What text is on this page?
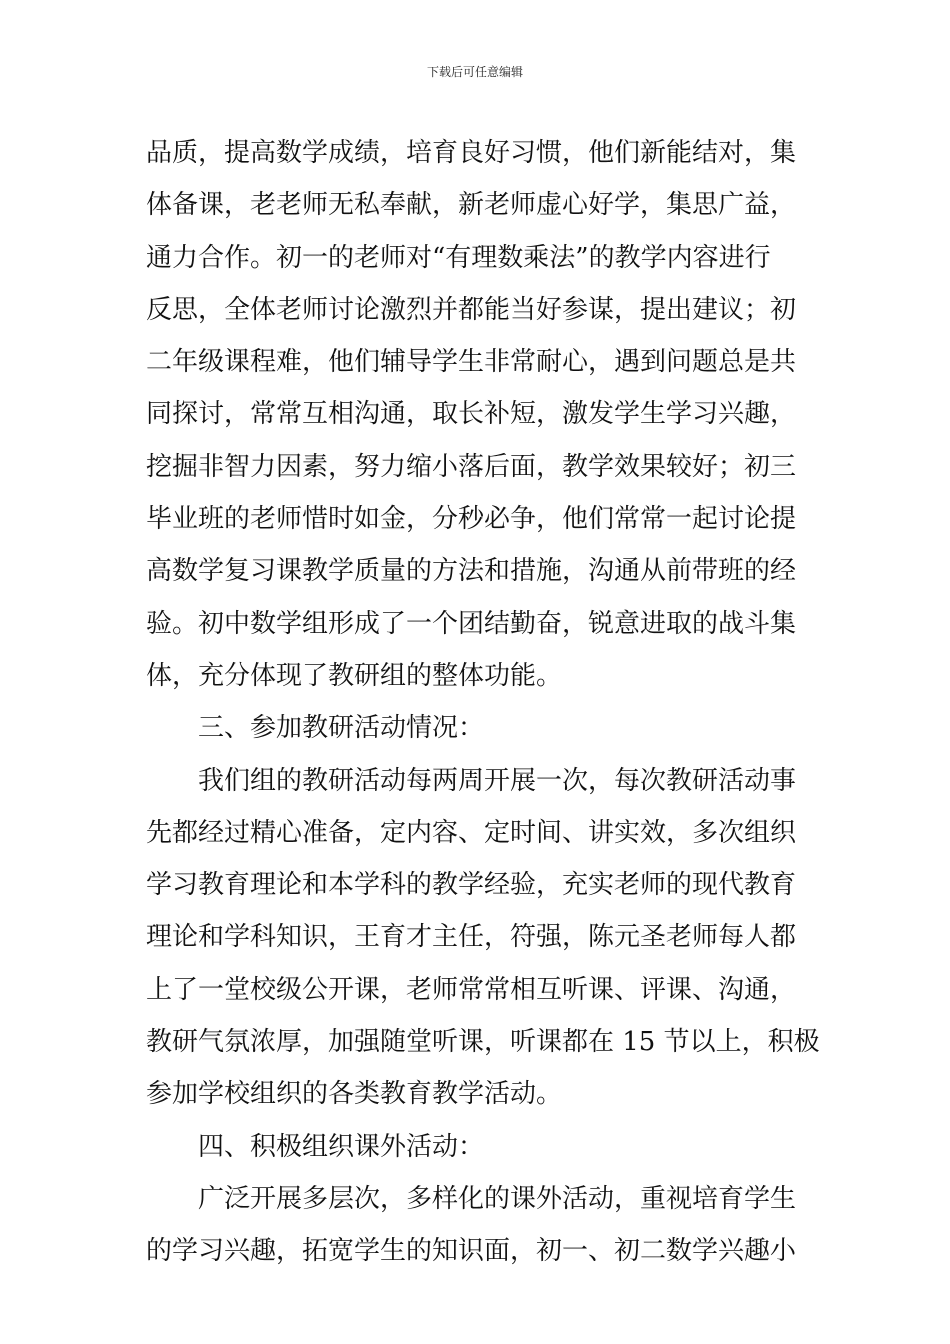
下载后可任意编辑
品质，提高数学成绩，培育良好习惯，他们新能结对，集
体备课，老老师无私奉献，新老师虚心好学，集思广益，
通力合作。初一的老师对“有理数乘法”的教学内容进行
反思，全体老师讨论激烈并都能当好参谋，提出建议；初
二年级课程难，他们辅导学生非常耐心，遇到问题总是共
同探讨，常常互相沟通，取长补短，激发学生学习兴趣，
挖掘非智力因素，努力缩小落后面，教学效果较好；初三
毕业班的老师惜时如金，分秒必争，他们常常一起讨论提
高数学复习课教学质量的方法和措施，沟通从前带班的经
验。初中数学组形成了一个团结勤奋，锐意进取的战斗集
体，充分体现了教研组的整体功能。
三、参加教研活动情况：
我们组的教研活动每两周开展一次，每次教研活动事
先都经过精心准备，定内容、定时间、讲实效，多次组织
学习教育理论和本学科的教学经验，充实老师的现代教育
理论和学科知识，王育才主任，符强，陈元圣老师每人都
上了一堂校级公开课，老师常常相互听课、评课、沟通，
教研气氛浓厚，加强随堂听课，听课都在 15 节以上，积极
参加学校组织的各类教育教学活动。
四、积极组织课外活动：
广泛开展多层次，多样化的课外活动，重视培育学生
的学习兴趣，拓宽学生的知识面，初一、初二数学兴趣小
